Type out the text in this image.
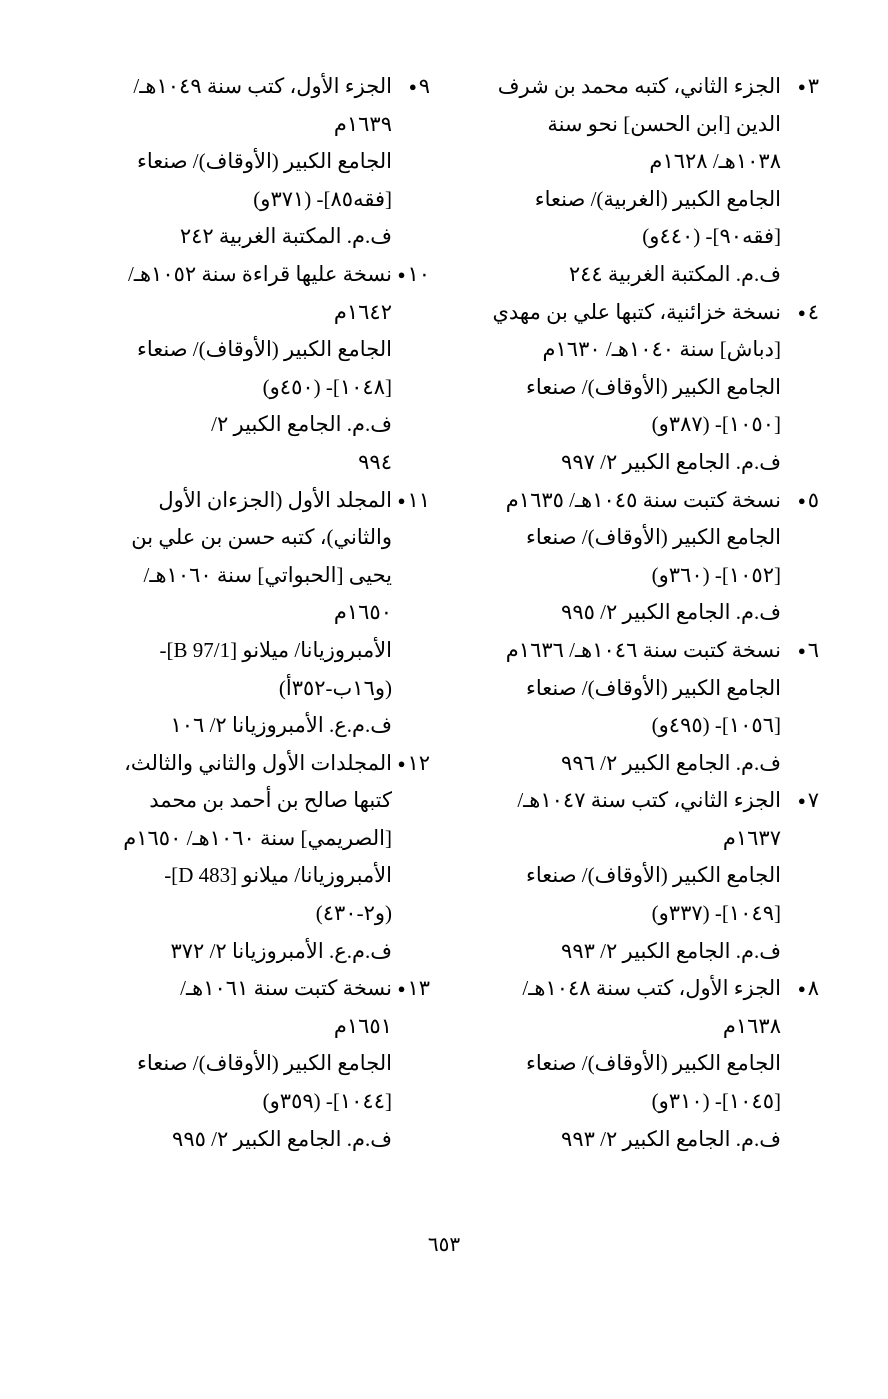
٣●
الجزء الثاني، كتبه محمد بن شرف
الدين [ابن الحسن] نحو سنة
١٠٣٨هـ/ ١٦٢٨م
الجامع الكبير (الغربية)/ صنعاء
[فقه٩٠]- (٤٤٠و)
ف.م. المكتبة الغربية ٢٤٤
٤●
نسخة خزائنية، كتبها علي بن مهدي
[دباش] سنة ١٠٤٠هـ/ ١٦٣٠م
الجامع الكبير (الأوقاف)/ صنعاء
[١٠٥٠]- (٣٨٧و)
ف.م. الجامع الكبير ٢/ ٩٩٧
٥●
نسخة كتبت سنة ١٠٤٥هـ/ ١٦٣٥م
الجامع الكبير (الأوقاف)/ صنعاء
[١٠٥٢]- (٣٦٠و)
ف.م. الجامع الكبير ٢/ ٩٩٥
٦●
نسخة كتبت سنة ١٠٤٦هـ/ ١٦٣٦م
الجامع الكبير (الأوقاف)/ صنعاء
[١٠٥٦]- (٤٩٥و)
ف.م. الجامع الكبير ٢/ ٩٩٦
٧●
الجزء الثاني، كتب سنة ١٠٤٧هـ/
١٦٣٧م
الجامع الكبير (الأوقاف)/ صنعاء
[١٠٤٩]- (٣٣٧و)
ف.م. الجامع الكبير ٢/ ٩٩٣
٨●
الجزء الأول، كتب سنة ١٠٤٨هـ/
١٦٣٨م
الجامع الكبير (الأوقاف)/ صنعاء
[١٠٤٥]- (٣١٠و)
ف.م. الجامع الكبير ٢/ ٩٩٣
٩●
الجزء الأول، كتب سنة ١٠٤٩هـ/
١٦٣٩م
الجامع الكبير (الأوقاف)/ صنعاء
[فقه٨٥]- (٣٧١و)
ف.م. المكتبة الغربية ٢٤٢
١٠●
نسخة عليها قراءة سنة ١٠٥٢هـ/
١٦٤٢م
الجامع الكبير (الأوقاف)/ صنعاء
[١٠٤٨]- (٤٥٠و)
ف.م. الجامع الكبير ٢/
٩٩٤
١١●
المجلد الأول (الجزءان الأول
والثاني)، كتبه حسن بن علي بن
يحيى [الحبواتي] سنة ١٠٦٠هـ/
١٦٥٠م
الأمبروزيانا/ ميلانو [B 97/1]-
(و١٦ب-٣٥٢أ)
ف.م.ع. الأمبروزيانا ٢/ ١٠٦
١٢●
المجلدات الأول والثاني والثالث،
كتبها صالح بن أحمد بن محمد
[الصريمي] سنة ١٠٦٠هـ/ ١٦٥٠م
الأمبروزيانا/ ميلانو [D 483]-
(و٢-٤٣٠)
ف.م.ع. الأمبروزيانا ٢/ ٣٧٢
١٣●
نسخة كتبت سنة ١٠٦١هـ/
١٦٥١م
الجامع الكبير (الأوقاف)/ صنعاء
[١٠٤٤]- (٣٥٩و)
ف.م. الجامع الكبير ٢/ ٩٩٥
٦٥٣
